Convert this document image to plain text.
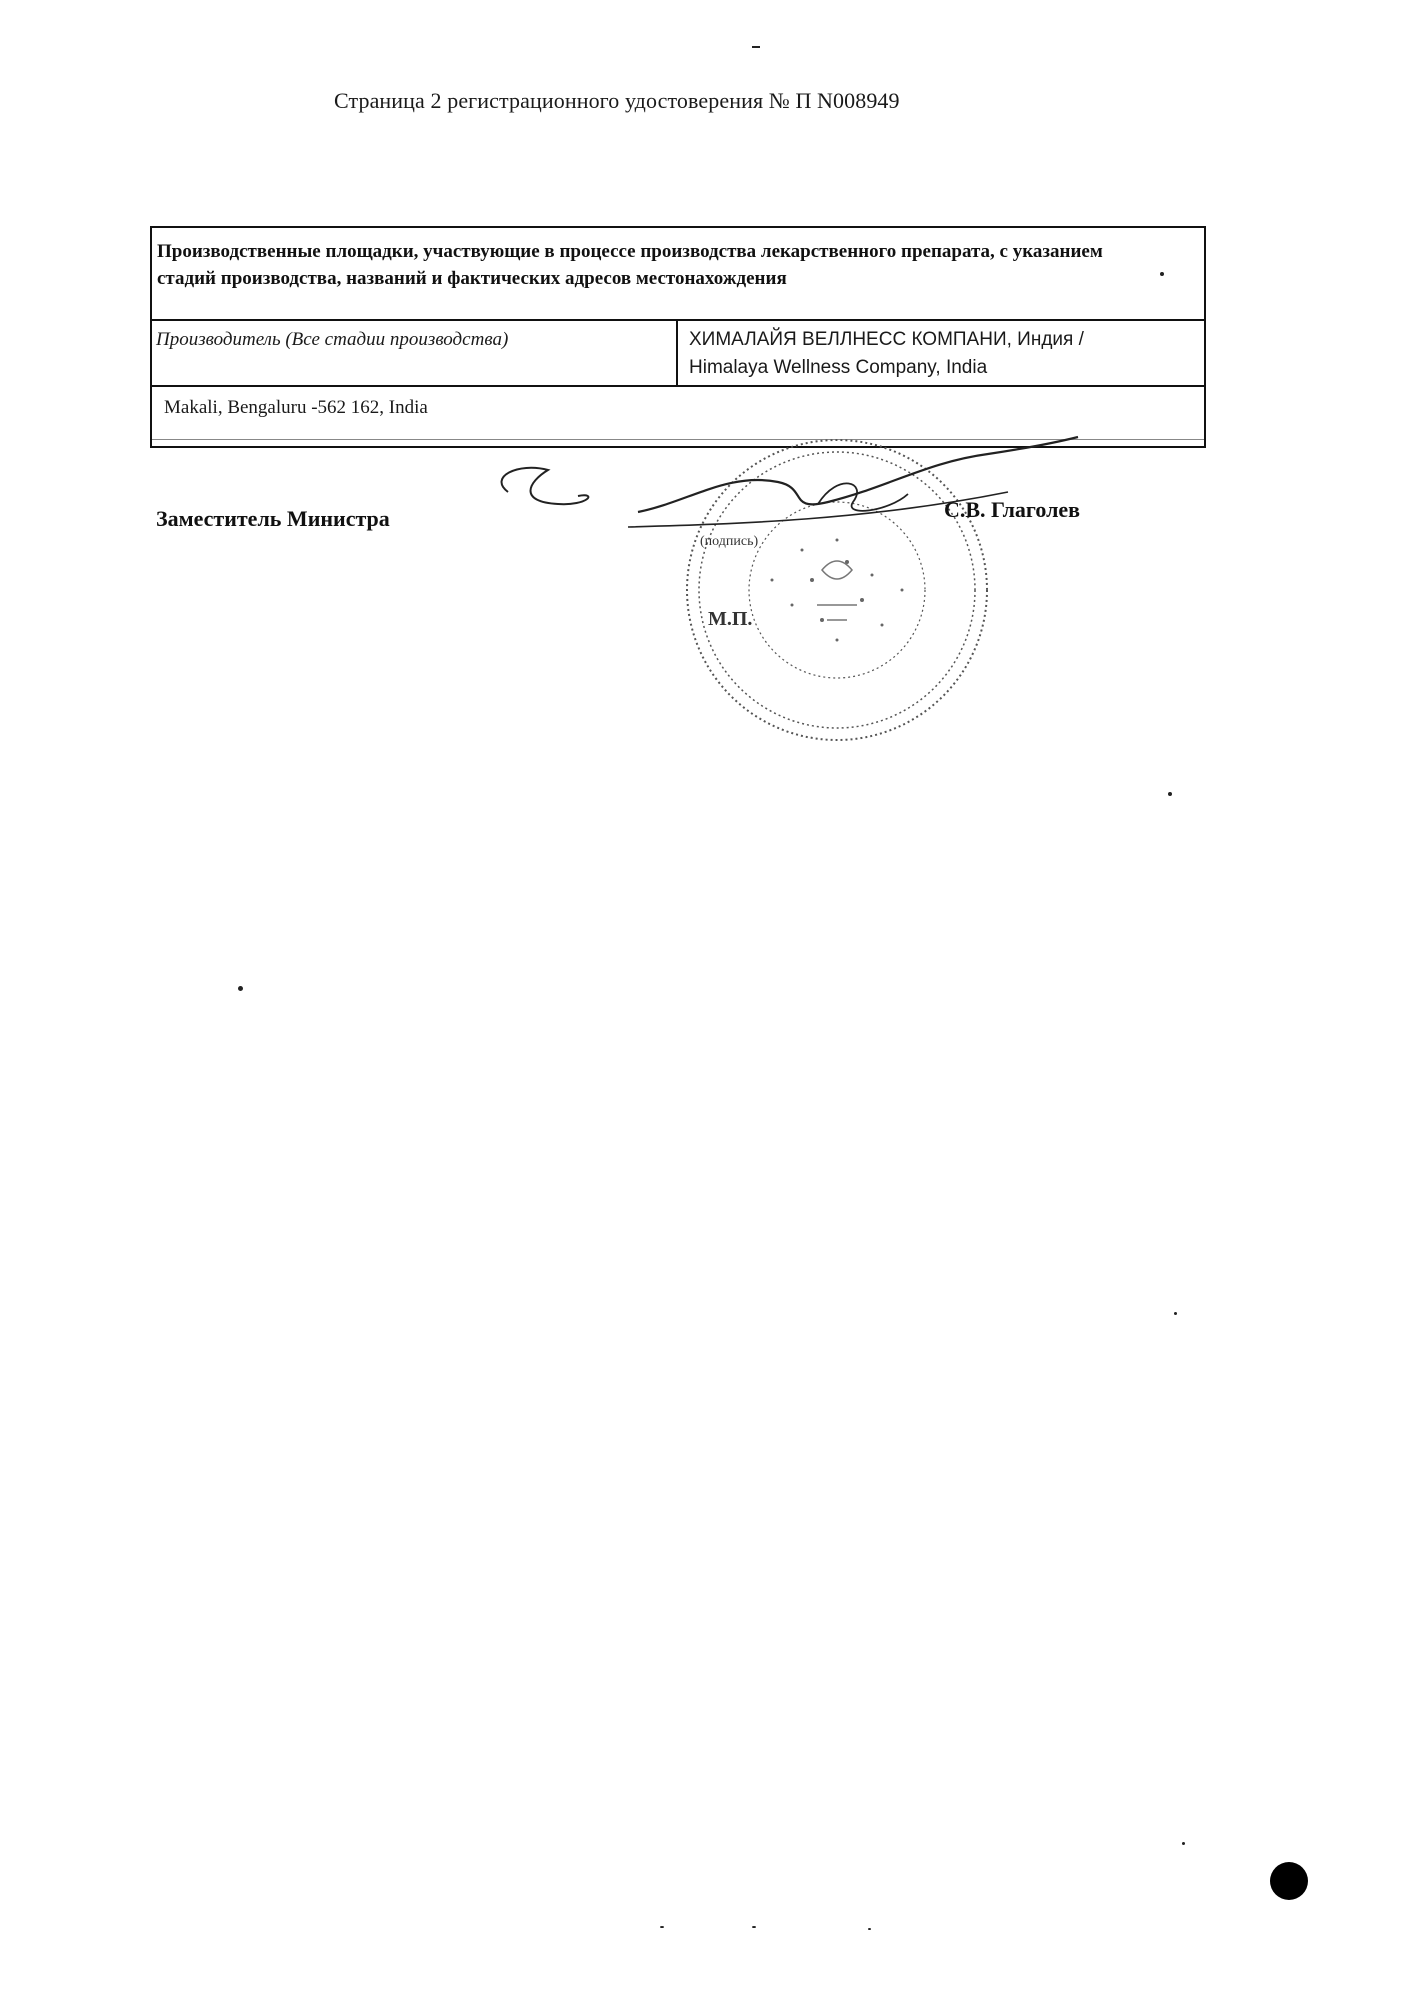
Страница 2 регистрационного удостоверения № П N008949
Производственные площадки, участвующие в процессе производства лекарственного препарата, с указанием стадий производства, названий и фактических адресов местонахождения
Производитель (Все стадии производства)	ХИМАЛАЙЯ ВЕЛЛНЕСС КОМПАНИ, Индия /
Himalaya Wellness Company, India
Makali, Bengaluru -562 162, India
(подпись)
М.П.
Заместитель Министра	С.В. Глаголев
